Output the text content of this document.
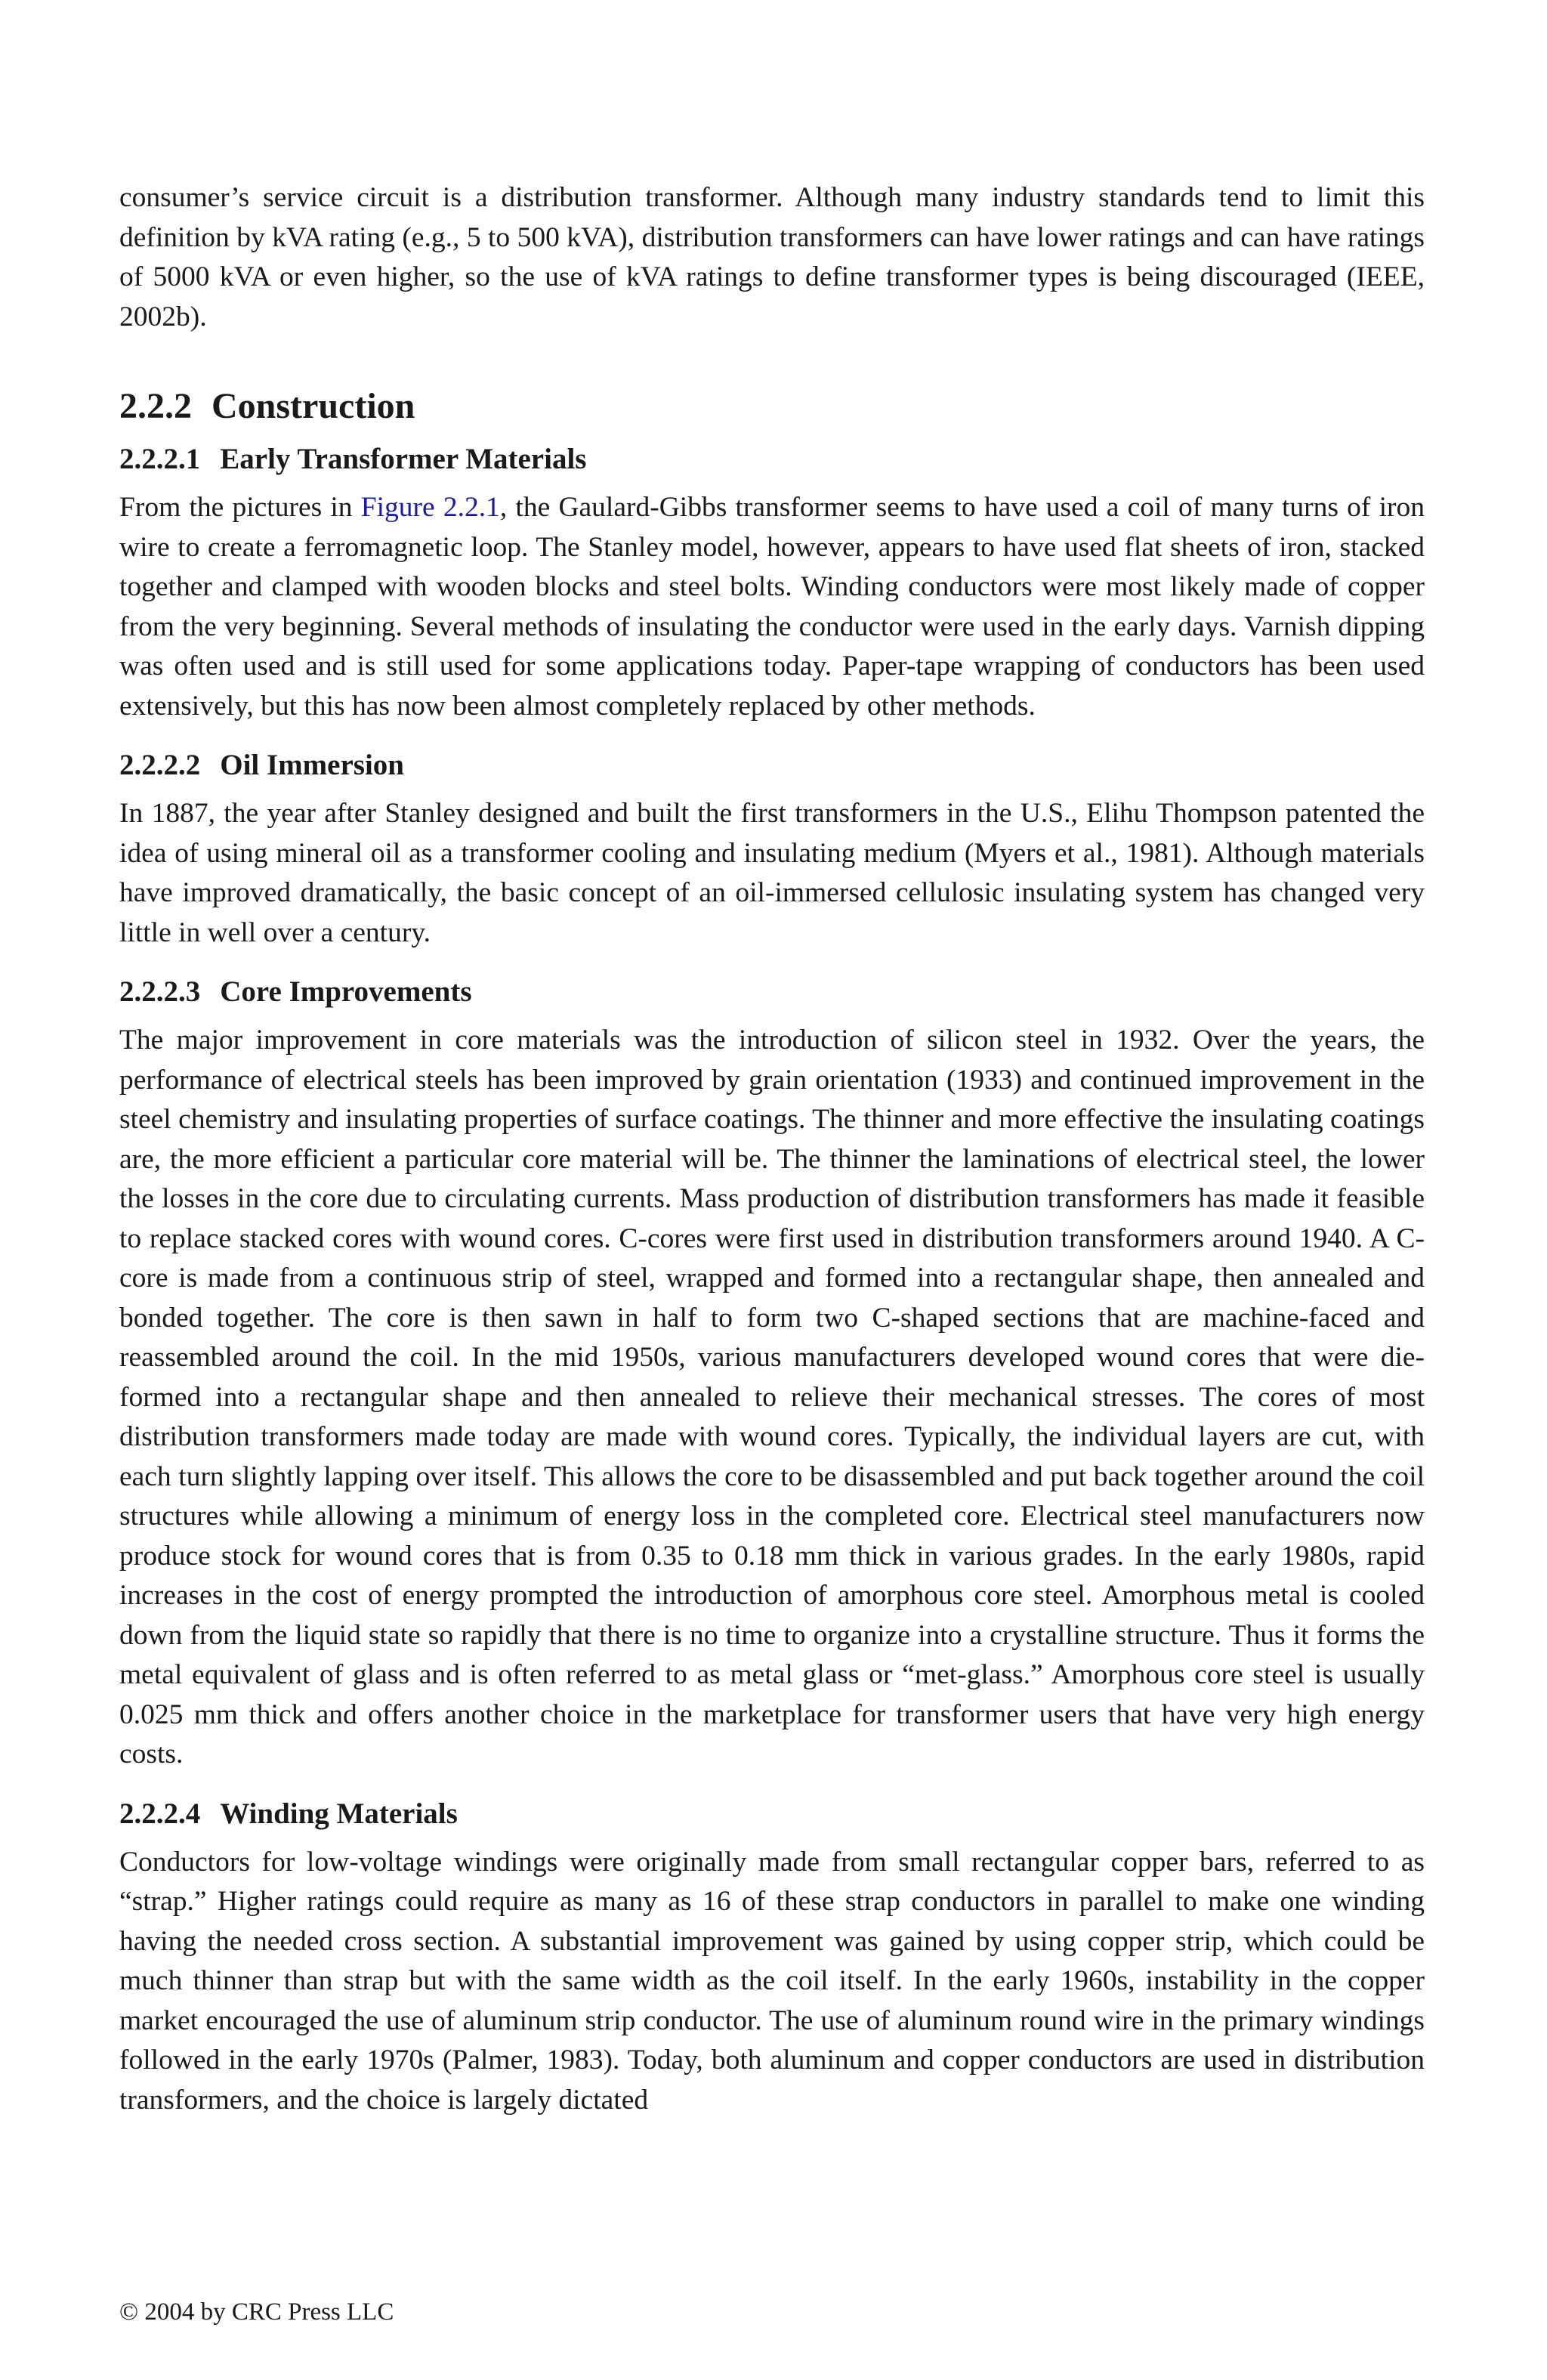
consumer’s service circuit is a distribution transformer. Although many industry standards tend to limit this definition by kVA rating (e.g., 5 to 500 kVA), distribution transformers can have lower ratings and can have ratings of 5000 kVA or even higher, so the use of kVA ratings to define transformer types is being discouraged (IEEE, 2002b).

2.2.2 Construction
2.2.2.1 Early Transformer Materials

From the pictures in Figure 2.2.1, the Gaulard-Gibbs transformer seems to have used a coil of many turns of iron wire to create a ferromagnetic loop. The Stanley model, however, appears to have used flat sheets of iron, stacked together and clamped with wooden blocks and steel bolts. Winding conductors were most likely made of copper from the very beginning. Several methods of insulating the conductor were used in the early days. Varnish dipping was often used and is still used for some applications today. Paper-tape wrapping of conductors has been used extensively, but this has now been almost completely replaced by other methods.

2.2.2.2 Oil Immersion

In 1887, the year after Stanley designed and built the first transformers in the U.S., Elihu Thompson patented the idea of using mineral oil as a transformer cooling and insulating medium (Myers et al., 1981). Although materials have improved dramatically, the basic concept of an oil-immersed cellulosic insulating system has changed very little in well over a century.

2.2.2.3 Core Improvements

The major improvement in core materials was the introduction of silicon steel in 1932. Over the years, the performance of electrical steels has been improved by grain orientation (1933) and continued improvement in the steel chemistry and insulating properties of surface coatings. The thinner and more effective the insulating coatings are, the more efficient a particular core material will be. The thinner the laminations of electrical steel, the lower the losses in the core due to circulating currents. Mass production of distribution transformers has made it feasible to replace stacked cores with wound cores. C-cores were first used in distribution transformers around 1940. A C-core is made from a continuous strip of steel, wrapped and formed into a rectangular shape, then annealed and bonded together. The core is then sawn in half to form two C-shaped sections that are machine-faced and reassembled around the coil. In the mid 1950s, various manufacturers developed wound cores that were die-formed into a rectangular shape and then annealed to relieve their mechanical stresses. The cores of most distribution transformers made today are made with wound cores. Typically, the individual layers are cut, with each turn slightly lapping over itself. This allows the core to be disassembled and put back together around the coil structures while allowing a minimum of energy loss in the completed core. Electrical steel manufacturers now produce stock for wound cores that is from 0.35 to 0.18 mm thick in various grades. In the early 1980s, rapid increases in the cost of energy prompted the introduction of amorphous core steel. Amorphous metal is cooled down from the liquid state so rapidly that there is no time to organize into a crystalline structure. Thus it forms the metal equivalent of glass and is often referred to as metal glass or “met-glass.” Amorphous core steel is usually 0.025 mm thick and offers another choice in the marketplace for transformer users that have very high energy costs.

2.2.2.4 Winding Materials

Conductors for low-voltage windings were originally made from small rectangular copper bars, referred to as “strap.” Higher ratings could require as many as 16 of these strap conductors in parallel to make one winding having the needed cross section. A substantial improvement was gained by using copper strip, which could be much thinner than strap but with the same width as the coil itself. In the early 1960s, instability in the copper market encouraged the use of aluminum strip conductor. The use of aluminum round wire in the primary windings followed in the early 1970s (Palmer, 1983). Today, both aluminum and copper conductors are used in distribution transformers, and the choice is largely dictated

© 2004 by CRC Press LLC
